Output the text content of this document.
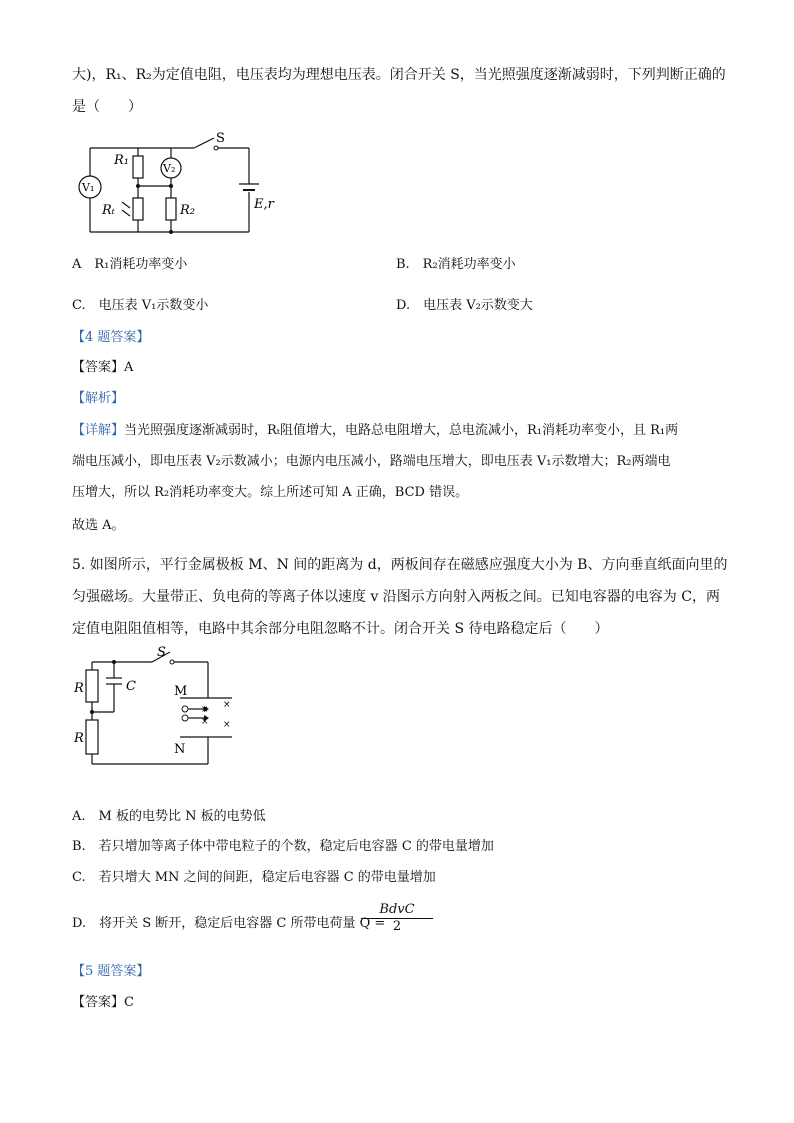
大)，R₁、R₂为定值电阻，电压表均为理想电压表。闭合开关 S，当光照强度逐渐减弱时，下列判断正确的
是（　　）
S
R₁
V₂
V₁
Rₜ	R₂	E,r
A　R₁消耗功率变小	B.　R₂消耗功率变小
C.　电压表 V₁示数变小	D.　电压表 V₂示数变大
【4 题答案】
【答案】A
【解析】
【详解】当光照强度逐渐减弱时，Rₜ阻值增大，电路总电阻增大，总电流减小，R₁消耗功率变小，且 R₁两
端电压减小，即电压表 V₂示数减小；电源内电压减小，路端电压增大，即电压表 V₁示数增大；R₂两端电
压增大，所以 R₂消耗功率变大。综上所述可知 A 正确，BCD 错误。
故选 A。
5. 如图所示，平行金属极板 M、N 间的距离为 d，两板间存在磁感应强度大小为 B、方向垂直纸面向里的
匀强磁场。大量带正、负电荷的等离子体以速度 v 沿图示方向射入两板之间。已知电容器的电容为 C，两
定值电阻阻值相等，电路中其余部分电阻忽略不计。闭合开关 S 待电路稳定后（　　）
S
C
R
R
M
N
× ×
× ×
A.　M 板的电势比 N 板的电势低
B.　若只增加等离子体中带电粒子的个数，稳定后电容器 C 的带电量增加
C.　若只增大 MN 之间的间距，稳定后电容器 C 的带电量增加
D.　将开关 S 断开，稳定后电容器 C 所带电荷量 Q =
BdvC
2
【5 题答案】
【答案】C
